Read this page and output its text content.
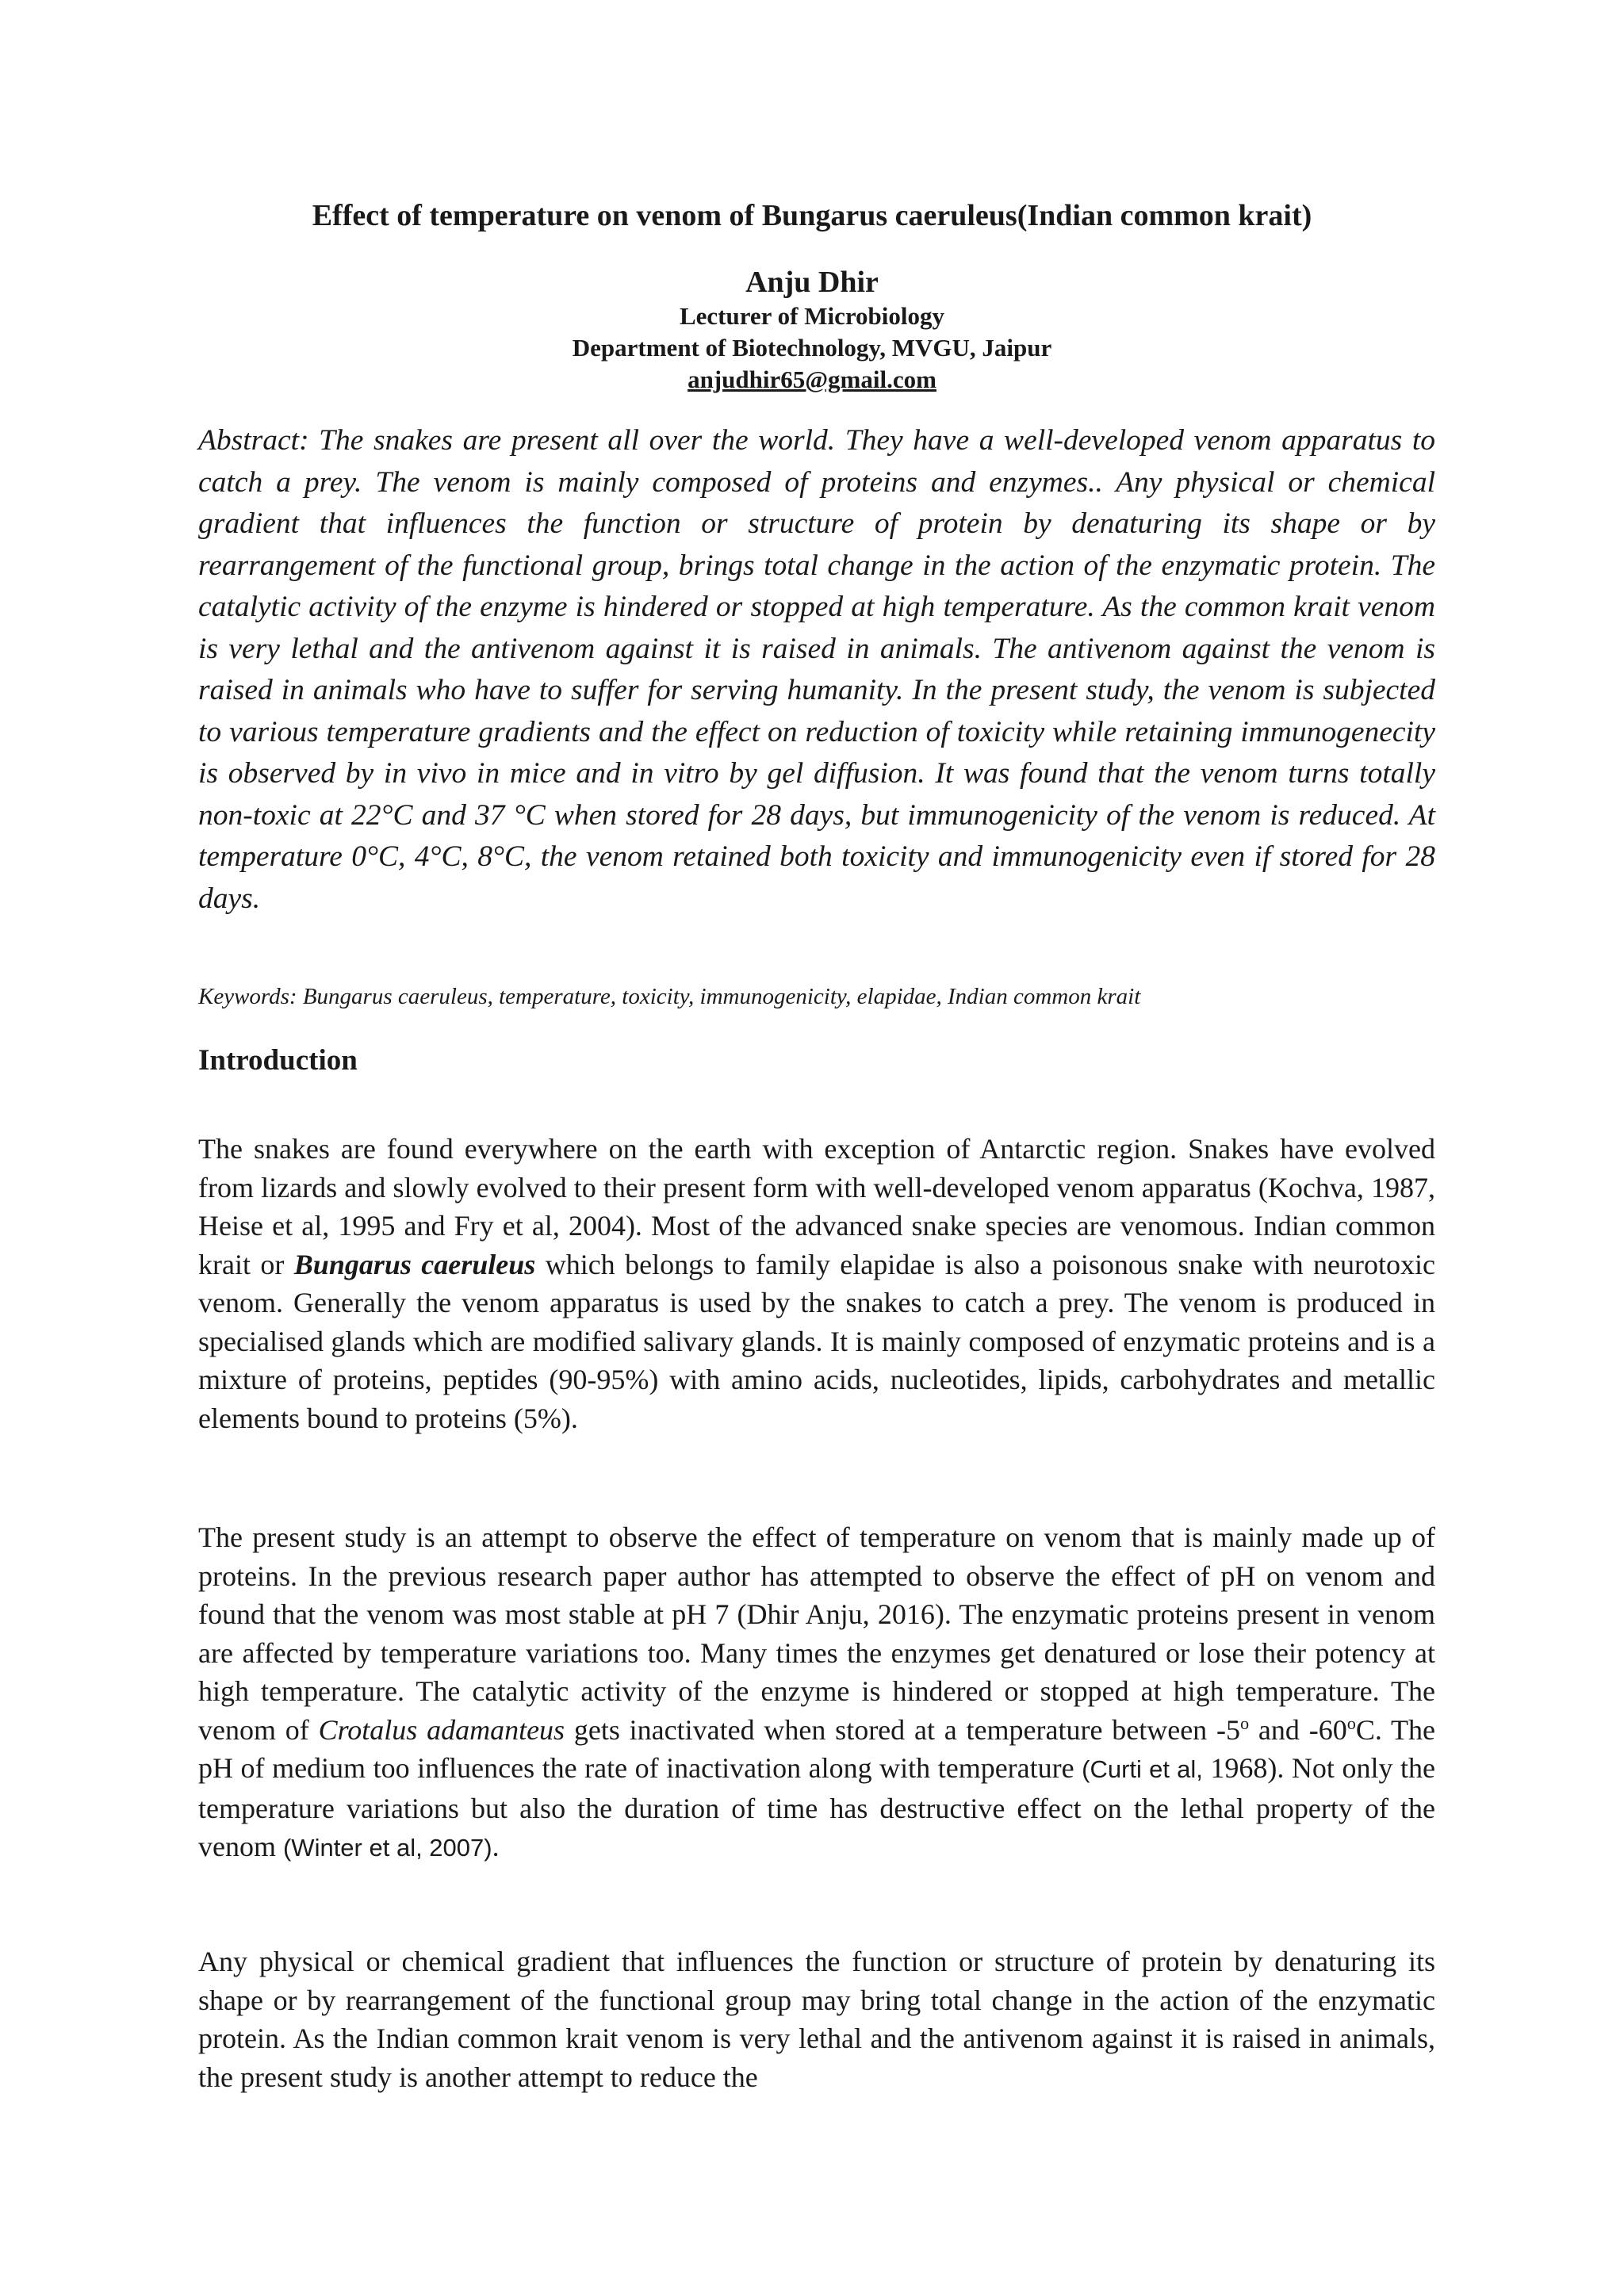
Effect of temperature on venom of Bungarus caeruleus(Indian common krait)

Anju Dhir

Lecturer of Microbiology

Department of Biotechnology, MVGU, Jaipur

anjudhir65@gmail.com

Abstract: The snakes are present all over the world. They have a well-developed venom apparatus to catch a prey. The venom is mainly composed of proteins and enzymes.. Any physical or chemical gradient that influences the function or structure of protein by denaturing its shape or by rearrangement of the functional group, brings total change in the action of the enzymatic protein. The catalytic activity of the enzyme is hindered or stopped at high temperature. As the common krait venom is very lethal and the antivenom against it is raised in animals. The antivenom against the venom is raised in animals who have to suffer for serving humanity. In the present study, the venom is subjected to various temperature gradients and the effect on reduction of toxicity while retaining immunogenecity is observed by in vivo in mice and in vitro by gel diffusion. It was found that the venom turns totally non-toxic at 22°C and 37 °C when stored for 28 days, but immunogenicity of the venom is reduced. At temperature 0°C, 4°C, 8°C, the venom retained both toxicity and immunogenicity even if stored for 28 days.

Keywords: Bungarus caeruleus, temperature, toxicity, immunogenicity, elapidae, Indian common krait

Introduction

The snakes are found everywhere on the earth with exception of Antarctic region. Snakes have evolved from lizards and slowly evolved to their present form with well-developed venom apparatus (Kochva, 1987, Heise et al, 1995 and Fry et al, 2004). Most of the advanced snake species are venomous. Indian common krait or Bungarus caeruleus which belongs to family elapidae is also a poisonous snake with neurotoxic venom. Generally the venom apparatus is used by the snakes to catch a prey. The venom is produced in specialised glands which are modified salivary glands. It is mainly composed of enzymatic proteins and is a mixture of proteins, peptides (90-95%) with amino acids, nucleotides, lipids, carbohydrates and metallic elements bound to proteins (5%).

The present study is an attempt to observe the effect of temperature on venom that is mainly made up of proteins. In the previous research paper author has attempted to observe the effect of pH on venom and found that the venom was most stable at pH 7 (Dhir Anju, 2016). The enzymatic proteins present in venom are affected by temperature variations too. Many times the enzymes get denatured or lose their potency at high temperature. The catalytic activity of the enzyme is hindered or stopped at high temperature. The venom of Crotalus adamanteus gets inactivated when stored at a temperature between -5$^o$ and -60$^o$C. The pH of medium too influences the rate of inactivation along with temperature (Curti et al, 1968). Not only the temperature variations but also the duration of time has destructive effect on the lethal property of the venom (Winter et al, 2007).

Any physical or chemical gradient that influences the function or structure of protein by denaturing its shape or by rearrangement of the functional group may bring total change in the action of the enzymatic protein. As the Indian common krait venom is very lethal and the antivenom against it is raised in animals, the present study is another attempt to reduce the
